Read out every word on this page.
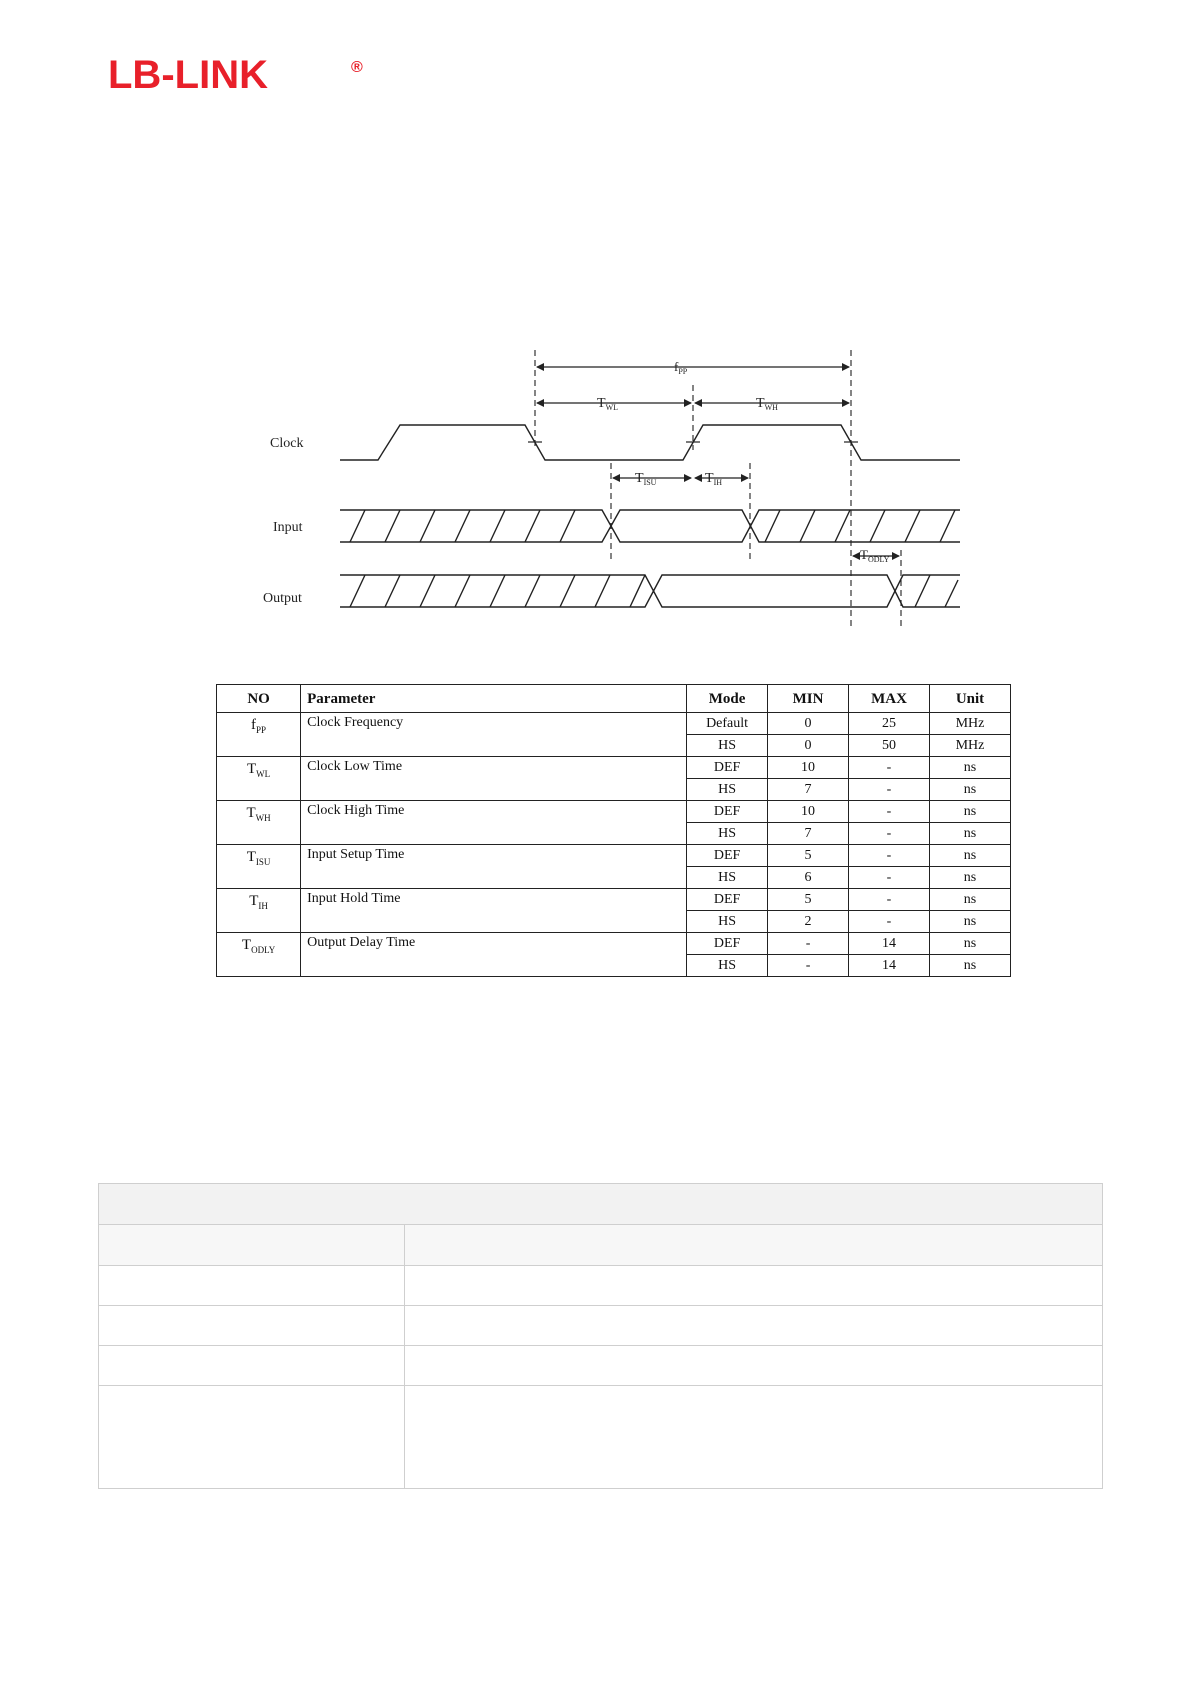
LB-LINK	®
$f_{PP}$
$T_{WL}$	$T_{WH}$
$T_{ISU}$	$T_{IH}$
$T_{ODLY}$
Clock
Input
Output
NO	Parameter	Mode	MIN	MAX	Unit
$f_{PP}$	Clock Frequency	Default	0	25	MHz
		HS	0	50	MHz
$T_{WL}$	Clock Low Time	DEF	10	-	ns
		HS	7	-	ns
$T_{WH}$	Clock High Time	DEF	10	-	ns
		HS	7	-	ns
$T_{ISU}$	Input Setup Time	DEF	5	-	ns
		HS	6	-	ns
$T_{IH}$	Input Hold Time	DEF	5	-	ns
		HS	2	-	ns
$T_{ODLY}$	Output Delay Time	DEF	-	14	ns
		HS	-	14	ns
